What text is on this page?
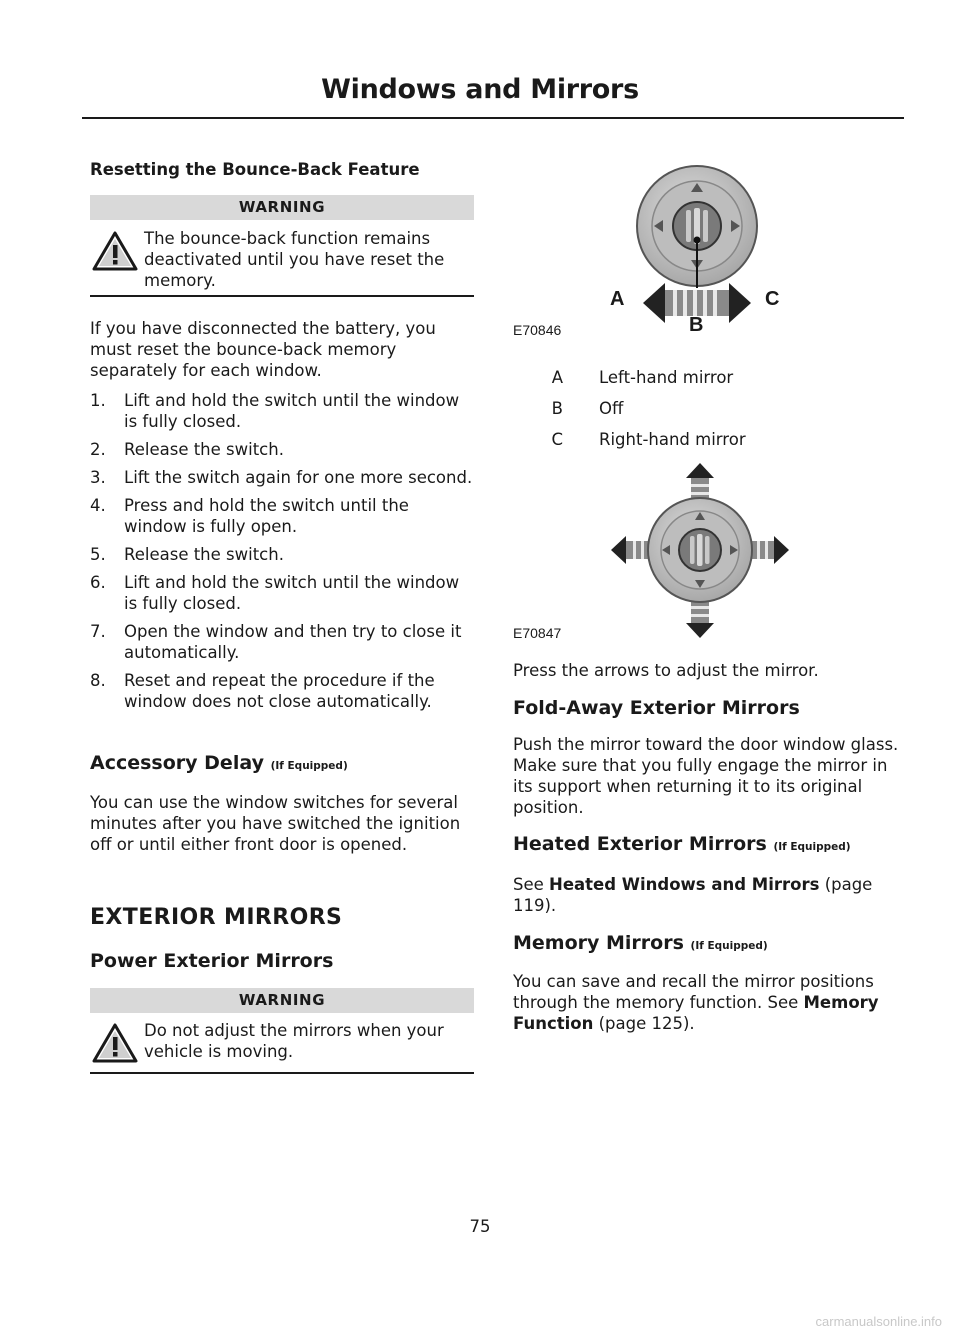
Windows and Mirrors
Resetting the Bounce-Back Feature
WARNING
The bounce-back function remains deactivated until you have reset the memory.
If you have disconnected the battery, you must reset the bounce-back memory separately for each window.
1. Lift and hold the switch until the window is fully closed.
2. Release the switch.
3. Lift the switch again for one more second.
4. Press and hold the switch until the window is fully open.
5. Release the switch.
6. Lift and hold the switch until the window is fully closed.
7. Open the window and then try to close it automatically.
8. Reset and repeat the procedure if the window does not close automatically.
Accessory Delay (If Equipped)
You can use the window switches for several minutes after you have switched the ignition off or until either front door is opened.
EXTERIOR MIRRORS
Power Exterior Mirrors
WARNING
Do not adjust the mirrors when your vehicle is moving.
A	C
B
E70846
A Left-hand mirror
B Off
C Right-hand mirror
E70847
Press the arrows to adjust the mirror.
Fold-Away Exterior Mirrors
Push the mirror toward the door window glass. Make sure that you fully engage the mirror in its support when returning it to its original position.
Heated Exterior Mirrors (If Equipped)
See Heated Windows and Mirrors (page 119).
Memory Mirrors (If Equipped)
You can save and recall the mirror positions through the memory function. See Memory Function (page 125).
75
carmanualsonline.info
